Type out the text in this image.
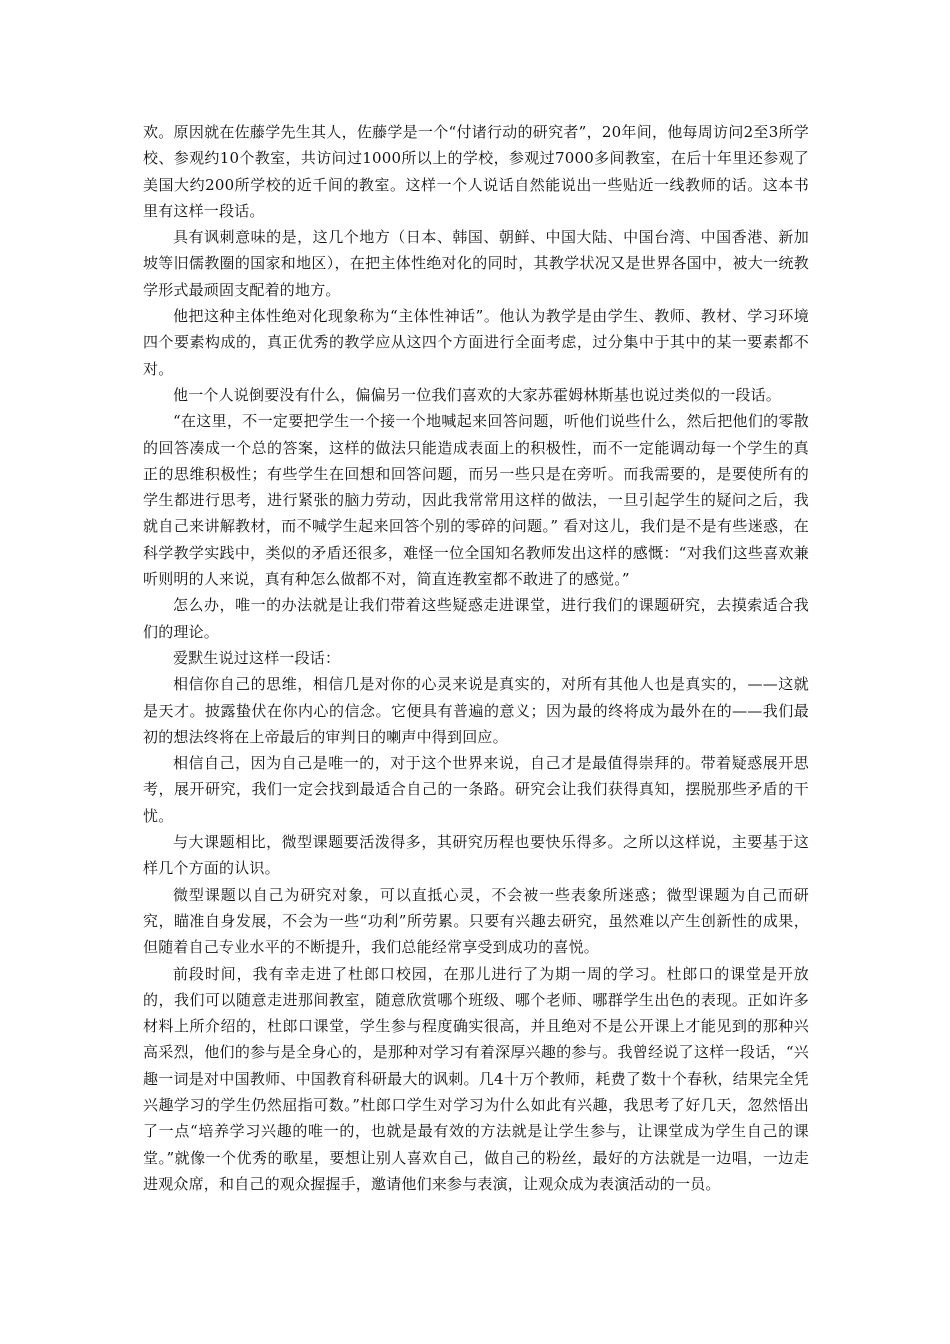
欢。原因就在佐藤学先生其人，佐藤学是一个“付诸行动的研究者”，20年间，他每周访问2至3所学校、参观约10个教室，共访问过1000所以上的学校，参观过7000多间教室，在后十年里还参观了美国大约200所学校的近千间的教室。这样一个人说话自然能说出一些贴近一线教师的话。这本书里有这样一段话。

具有讽刺意味的是，这几个地方（日本、韩国、朝鲜、中国大陆、中国台湾、中国香港、新加坡等旧儒教圈的国家和地区），在把主体性绝对化的同时，其教学状况又是世界各国中，被大一统教学形式最顽固支配着的地方。

他把这种主体性绝对化现象称为“主体性神话”。他认为教学是由学生、教师、教材、学习环境四个要素构成的，真正优秀的教学应从这四个方面进行全面考虑，过分集中于其中的某一要素都不对。

他一个人说倒要没有什么，偏偏另一位我们喜欢的大家苏霍姆林斯基也说过类似的一段话。

“在这里，不一定要把学生一个接一个地喊起来回答问题，听他们说些什么，然后把他们的零散的回答凑成一个总的答案，这样的做法只能造成表面上的积极性，而不一定能调动每一个学生的真正的思维积极性；有些学生在回想和回答问题，而另一些只是在旁听。而我需要的，是要使所有的学生都进行思考，进行紧张的脑力劳动，因此我常常用这样的做法，一旦引起学生的疑问之后，我就自己来讲解教材，而不喊学生起来回答个别的零碎的问题。” 看对这儿，我们是不是有些迷惑，在科学教学实践中，类似的矛盾还很多，难怪一位全国知名教师发出这样的感慨：“对我们这些喜欢兼听则明的人来说，真有种怎么做都不对，简直连教室都不敢进了的感觉。”

怎么办，唯一的办法就是让我们带着这些疑惑走进课堂，进行我们的课题研究，去摸索适合我们的理论。

爱默生说过这样一段话：

相信你自己的思维，相信几是对你的心灵来说是真实的，对所有其他人也是真实的，——这就是天才。披露蛰伏在你内心的信念。它便具有普遍的意义；因为最的终将成为最外在的——我们最初的想法终将在上帝最后的审判日的喇声中得到回应。

相信自己，因为自己是唯一的，对于这个世界来说，自己才是最值得崇拜的。带着疑惑展开思考，展开研究，我们一定会找到最适合自己的一条路。研究会让我们获得真知，摆脱那些矛盾的干忧。

与大课题相比，微型课题要活泼得多，其研究历程也要快乐得多。之所以这样说，主要基于这样几个方面的认识。

微型课题以自己为研究对象，可以直抵心灵，不会被一些表象所迷惑；微型课题为自己而研究，瞄准自身发展，不会为一些“功利”所劳累。只要有兴趣去研究，虽然难以产生创新性的成果，但随着自己专业水平的不断提升，我们总能经常享受到成功的喜悦。

前段时间，我有幸走进了杜郎口校园，在那儿进行了为期一周的学习。杜郎口的课堂是开放的，我们可以随意走进那间教室，随意欣赏哪个班级、哪个老师、哪群学生出色的表现。正如许多材料上所介绍的，杜郎口课堂，学生参与程度确实很高，并且绝对不是公开课上才能见到的那种兴高采烈，他们的参与是全身心的，是那种对学习有着深厚兴趣的参与。我曾经说了这样一段话，“兴趣一词是对中国教师、中国教育科研最大的讽刺。几4十万个教师，耗费了数十个春秋，结果完全凭兴趣学习的学生仍然屈指可数。”杜郎口学生对学习为什么如此有兴趣，我思考了好几天，忽然悟出了一点“培养学习兴趣的唯一的，也就是最有效的方法就是让学生参与，让课堂成为学生自己的课堂。”就像一个优秀的歌星，要想让别人喜欢自己，做自己的粉丝，最好的方法就是一边唱，一边走进观众席，和自己的观众握握手，邀请他们来参与表演，让观众成为表演活动的一员。
